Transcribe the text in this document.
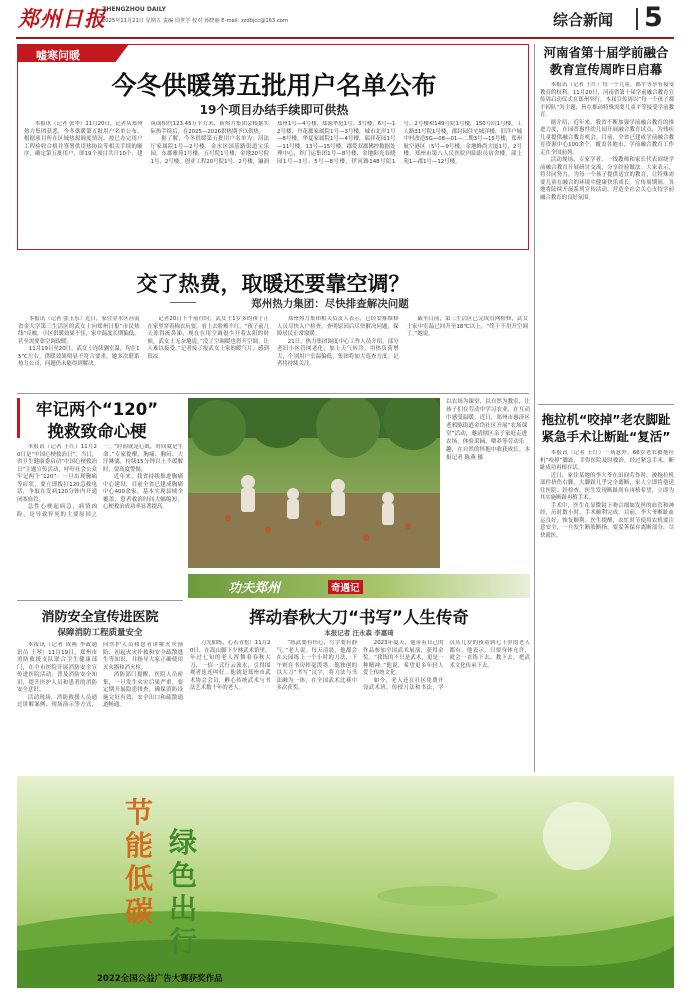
郑州日报
ZHENGZHOU DAILY
2025年11月21日 星期五 责编 周世学 校对 孙晓丽 E-mail: zzdbjcc@163.com	综合新闻 5
嘘寒问暖
今冬供暖第五批用户名单公布
19个项目办结手续即可供热

本报讯（记者 张华）11月20日，记者从郑州热力集团获悉，今冬供暖第五批用户名单公布，根据项目所在区域热源调度情况，按已办完用户工程验收合格并签署供用热协议等相关手续的顺序，确定第五批用户，即19个项目共计10个，建筑面积约123.45万平方米，新热力集团会根据实际热手续后，在2025—2026供热期予以供热。

据了解，今冬供暖第五批用户名单为：河法厅家属院1号—2号楼，金水区国基路街道宝乐园，东郡雅苑1号楼，五号院1号楼，金地20号院1号、2号楼，创业工程20号院1号、2号楼，瀛润郑州1号—4号楼，郑源华庭1号、3号楼，6号—12号楼，丹花郡家属院1号—3号楼，城市北岸1号—8号楼，华夏家属院1号—4号楼，瑞祥花园1号—11号楼，13号—15号楼，郡爱双郡佛控数据处理中心，织门运集团1号—8号楼，金地阳光春晓园1号—3号、5号—8号楼，伊河路148号院1号、2号楼和149号院1号楼，150号院1号楼，工人路31号院1号楼，郡封园住宅城洋楼，旧洋户城中村改造5G—08—01—二期3号—15号楼，郑州航空港区（5号—9号楼，金地峰尚大厦1号、2号楼，郑州市第八人民医院内陆职员宿舍楼，部上苑1—郡1号—12号楼。

交了热费，取暖还要靠空调？
郑州热力集团：尽快排查解决问题

本报讯（记者 张玉东）近日，家住金水区河南省金大学第三生活区的武女士向郑州日报“市民热线”反映，小区供暖效果不佳，家中温度长期偏低，甚至需要靠空调取暖。

11月19日至20日，武女士连续测室温，均在15℃左右，供暖效果明显不符合要求，她多次联系热力公司，问题仍未能得到解决。

记者20日下午前往时，武女士1岁多的孩子正在家里穿着棉衣玩耍，看上去脸颊不红，“孩子前几天冻得流鼻涕，现在在用空调很少开着太阳的时候，武女士无奈地说。”没了空调暖也得开空调，让人难以接受。”记者接了报武女士家的暖气片，感到很凉。

郑州热力集团相关负责人表示，已经安排维修人员尽快入户检查，查明原因后尽快解决问题，保障居民正常取暖。

21日，热力集团调度中心工作人员介绍，部分老旧小区管网老化，加上天气转冷，用热负荷增大，个别用户室温偏低，集团将加大巡查力度。记者将持续关注。

截至目前，第三生活区已完成管网检修，武女士家中室温已回升至18℃以上，“终于不用开空调了。”她说。

牢记两个“120”
挽救致命心梗

本报讯（记者 王红）11月20日是“中国心梗救治日”，当日，省卫生健康委启动“中国心梗救治日”主题宣传活动，呼吁社会公众牢记两个“120”：一旦出现胸痛等症状，要立即拨打120急救电话，争取在发病120分钟内开通闭塞血管。

急性心梗起病急，病情凶险，是导致猝死的主要原因之一。“时间就是心肌，时间就是生命。”专家提醒，胸痛、胸闷、大汗淋漓，持续15分钟以上不缓解时，要高度警惕。

近年来，我省持续推进胸痛中心建设，目前全省已建成胸痛中心400余家，基本实现县域全覆盖，患者救治时间大幅缩短，心梗救治成功率显著提高。

以农场为课堂，以自然为教室，让孩子们在劳动中学习农业、在互动中感受温暖。近日，郑州市惠济区老鸦陈街道金岱社区开展“农场课堂”活动，邀请辖区亲子家庭走进农场，体验采摘、喂养等劳动乐趣，在自然的怀抱中收获成长。本报记者 陈燕 摄
功夫郑州	奇遇记
消防安全宣传进医院
保障消防工程质量安全

本报讯（记者 成燕 李政通 讯员 王琴）11月19日，郑州市消防救援支队联合卫生健康部门，在全市医院开展消防安全宣传进医院活动，普及消防安全知识，提升医护人员和患者的消防安全意识。

活动现场，消防救援人员通过讲解案例、现场演示等方式，向医护人员和患者讲解火灾预防、初起火灾扑救和安全疏散逃生等知识，并指导大家正确使用灭火器和消火栓。

消防部门提醒，医院人员密集，一旦发生火灾后果严重，要定期开展隐患排查，确保消防设施完好有效，安全出口和疏散通道畅通。

挥动春秋大刀“书写”人生传奇
本报记者 汪永森 李嘉琦

刀光如练，心若青松！11月20日，在嵩山脚下少林武术馆里，年过七旬的老人挥舞着春秋大刀，一招一式行云流水，引得围观者连连叫好。他就是郑州市武术协会会员，醉心传统武术与书法艺术数十年的老人。

“练武要有恒心，写字要有静气。”老人说。每天清晨，他都会在公园练上一个小时的刀法，下午则在书房挥毫泼墨。他独创的以大刀“书写”汉字，将刀法与书法融为一体，在全国武术比赛中多次获奖。

2023年夏天，他带着自己的作品参加全国武术展演，获得金奖。“我练的不只是武术，更是一种精神。”他说，希望更多年轻人爱上传统文化。

如今，老人还在社区免费开设武术班，传授刀法和书法，学员从几岁的孩童到七十岁的老人都有。他表示，只要身体允许，就会一直练下去、教下去，把武术文化传承下去。

河南省第十届学前融合教育宣传周昨日启幕

本报讯（记者 王红）每一个儿童，都平等享有接受教育的权利。11月20日，河南省第十届学前融合教育宣传周启动仪式在郑州举行，本届宣传周以“每一个孩子都不掉队”为主题，旨在推动特殊需要儿童平等接受学前教育。

据介绍，近年来，我省不断加强学前融合教育的推进力度，在园普惠性幼儿园开展融合教育试点，为残疾儿童提供融合教育机会。目前，全省已建成学前融合教育资源中心100余个，覆盖各地市，学前融合教育工作走在全国前列。

活动现场，专家学者、一线教师和家长代表围绕学前融合教育开展研讨交流，分享经验做法。大家表示，将共同努力，为每一个孩子提供适宜的教育，让特殊需要儿童在融合的环境中健康快乐成长。宣传周期间，各地将陆续开展系列宣传活动，营造全社会关心支持学前融合教育的良好氛围。

拖拉机“咬掉”老农脚趾
紧急手术让断趾“复活”

本报讯（记者 王红）一场意外，66岁老农被拖拉机“咬掉”脚趾，幸得医院及时救治，经过紧急手术，断趾成功再植存活。

近日，家住某地的李大爷在田间劳作时，被拖拉机部件挤伤右脚，大脚趾几乎完全离断，家人立即将他送往医院。经检查，医生发现断趾尚有再植希望，立即为其实施断趾再植手术。

手术中，医生在显微镜下吻合细如发丝的血管和神经，历时数小时，手术顺利完成。目前，李大爷断趾血运良好，恢复顺利。医生提醒，农忙时节使用农机要注意安全，一旦发生断肢断指，要妥善保存离断部分，尽快就医。

节能低碳
绿色出行
2022全国公益广告大赛获奖作品
